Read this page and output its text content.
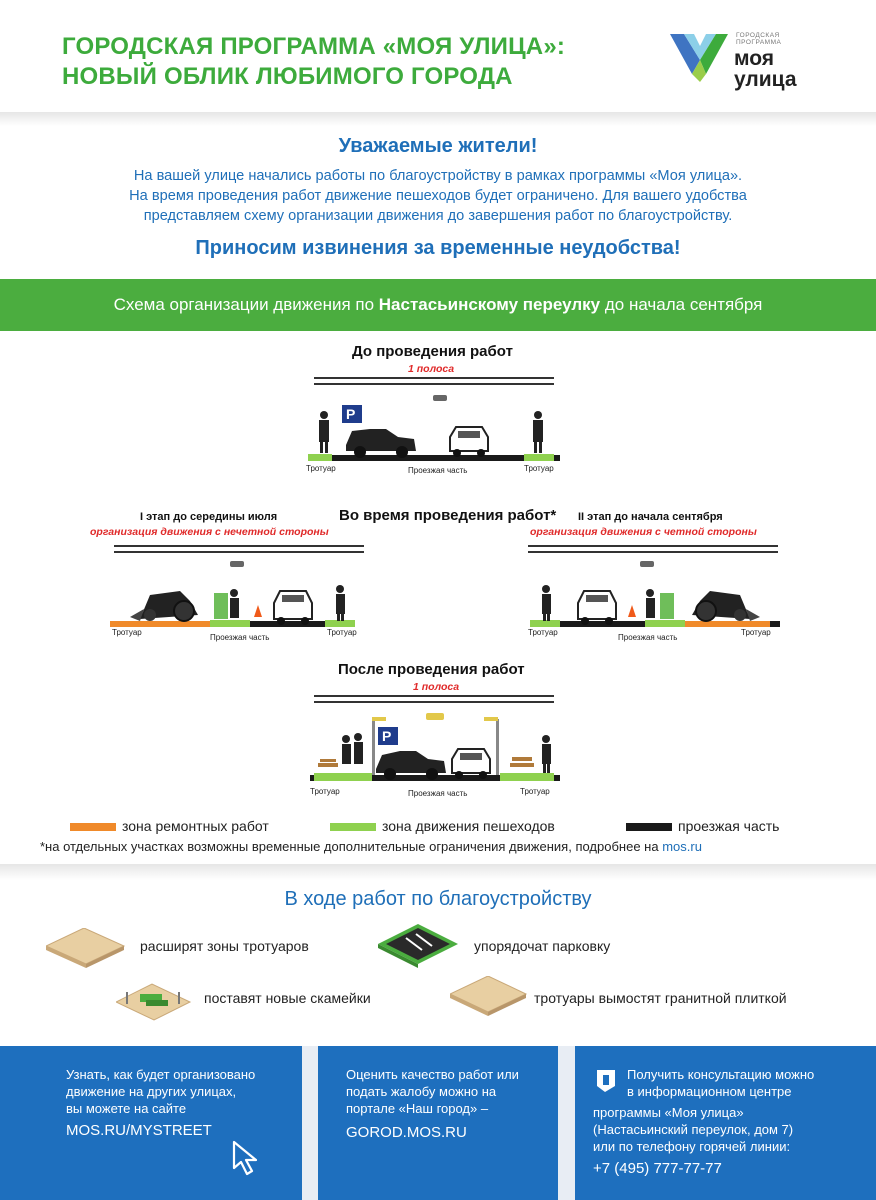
ГОРОДСКАЯ ПРОГРАММА «МОЯ УЛИЦА»:
НОВЫЙ ОБЛИК ЛЮБИМОГО ГОРОДА
ГОРОДСКАЯ
ПРОГРАММА
моя
улица
Уважаемые жители!
На вашей улице начались работы по благоустройству в рамках программы «Моя улица».
На время проведения работ движение пешеходов будет ограничено. Для вашего удобства
представляем схему организации движения до завершения работ по благоустройству.
Приносим извинения за временные неудобства!
Схема организации движения по Настасьинскому переулку до начала сентября
До проведения работ
1 полоса
P
Тротуар	Проезжая часть	Тротуар
Во время проведения работ*
I этап до середины июля
организация движения с нечетной стороны
II этап до начала сентября
организация движения с четной стороны
Тротуар
Проезжая часть
Тротуар	Тротуар
Проезжая часть
Тротуар
После проведения работ
1 полоса
P
Тротуар	Проезжая часть	Тротуар
зона ремонтных работ	зона движения пешеходов	проезжая часть
*на отдельных участках возможны временные дополнительные ограничения движения, подробнее на mos.ru
В ходе работ по благоустройству
расширят зоны тротуаров	упорядочат парковку
поставят новые скамейки	тротуары вымостят гранитной плиткой
Узнать, как будет организовано
движение на других улицах,
вы можете на сайте
MOS.RU/MYSTREET
Оценить качество работ или
подать жалобу можно на
портале «Наш город» –
GOROD.MOS.RU
Получить консультацию можно
в информационном центре
программы «Моя улица»
(Настасьинский переулок, дом 7)
или по телефону горячей линии:
+7 (495) 777-77-77
